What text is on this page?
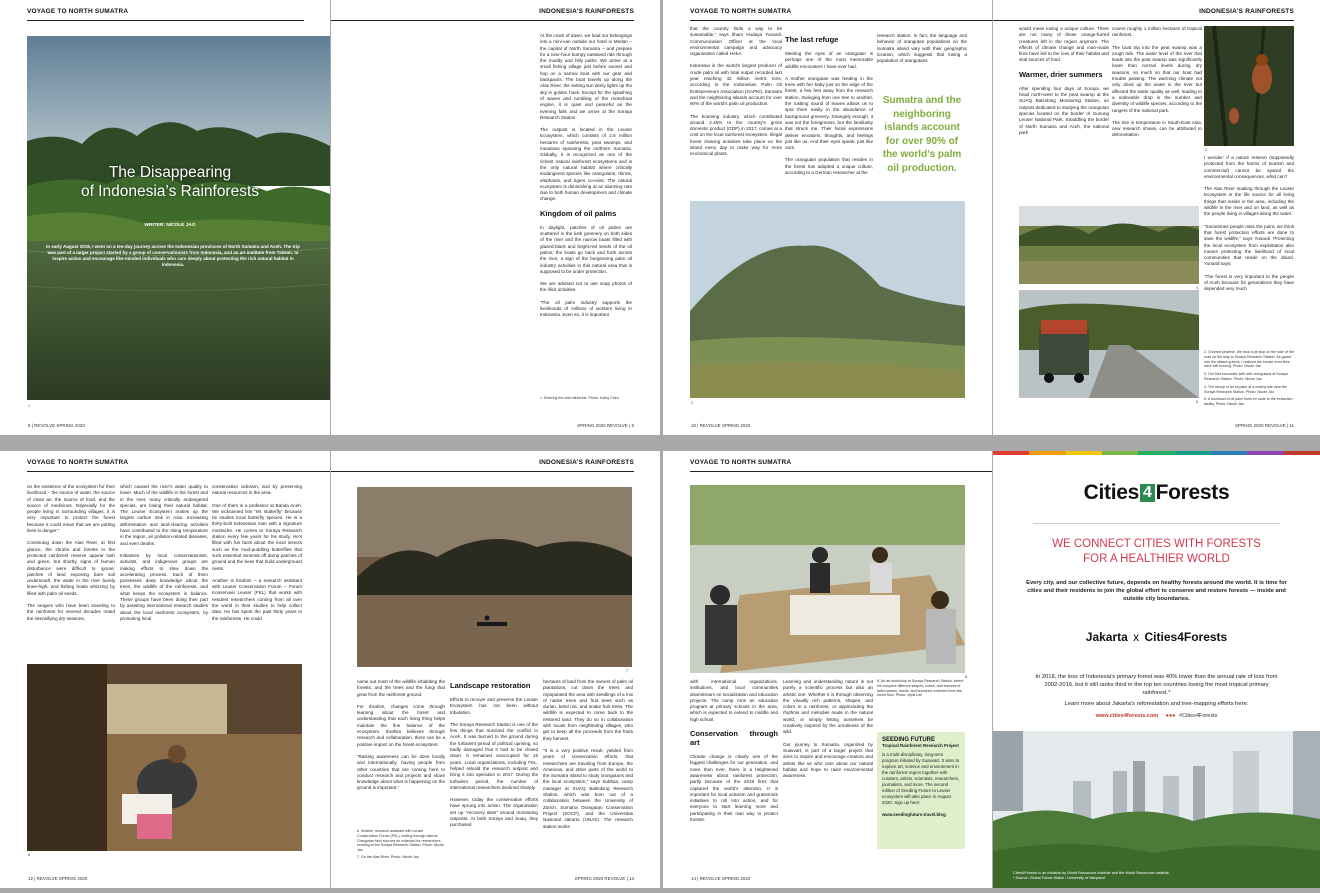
VOYAGE TO NORTH SUMATRA
The Disappearing
of Indonesia’s Rainforests
WRITER: NICOLE JAO
In early August 2019, I went on a ten-day journey across the Indonesian provinces of North Sumatra and Aceh. The trip was part of a larger project started by a group of conservationists from Indonesia, and an art institute from Taiwan, to inspire action and encourage like-minded individuals who care deeply about protecting the rich natural habitat in Indonesia.
1
8 | REVOLVE SPRING 2020
INDONESIA’S RAINFORESTS

At the crack of dawn, we load our belongings into a mini-van outside our hotel in Medan – the capital of North Sumatra – and prepare for a nine-hour bumpy eastward ride through the muddy and hilly paths. We arrive at a small fishing village just before sunset and hop on a narrow boat with our gear and backpacks. The boat travels up along the Alas River, the setting sun dimly lights up the sky in golden hues. Except for the splashing of waves and rumbling of the motorboat engine, it is quiet and peaceful as the evening falls and we arrive at the Soraya Research Station.

The outpost is located in the Leuser Ecosystem, which consists of 2.6 million hectares of rainforests, peat swamps, and meadows spanning the northern Sumatra. Globally, it is recognized as one of the richest natural rainforest ecosystems and is the only natural habitat where critically endangered species like orangutans, rhinos, elephants, and tigers co-exist. The natural ecosystem is diminishing at an alarming rate due to both human development and climate change.

Kingdom of oil palms

In daylight, patches of oil palms are scattered in the lush greenery on both sides of the river and the narrow boats filled with glazed-black and bright-red seeds of the oil palms; the boats go back and forth across the river, a sign of the burgeoning palm oil industry activities in this natural area that is supposed to be under protection.

We are advised not to use snap photos of the illicit activities.

“The oil palm industry supports the livelihoods of millions of workers living in Indonesia. Even so, it is important

1. Entering the wild rainforest. Photo: Kathy Chen
SPRING 2020 REVOLVE | 9
VOYAGE TO NORTH SUMATRA

that the country finds a way to be sustainable,” says Ilham Hudaya Yunardi, Communication Officer at the local environmental campaign and advocacy organization called HAkA.

Indonesia is the world’s largest producer of crude palm oil with total output recorded last year reaching 42 million metric tons, according to the Indonesian Palm Oil Entrepreneurs Association (GAPKI). Sumatra and the neighboring islands account for over 90% of the world’s palm oil production.

The booming industry, which contributed around 2.45% to the country’s gross domestic product (GDP) in 2017, comes at a cost on the local rainforest ecosystem. Illegal forest clearing activities take place on the island every day to make way for more economical plants.

The last refuge

Meeting the eyes of an orangutan is perhaps one of the most memorable wildlife encounters I have ever had.

A mother orangutan was feeding in the trees with her baby just on the edge of the forest, a few feet away from the research station. Swinging from one tree to another, the rustling sound of leaves allows us to spot them easily in the abundance of background greenery. Strangely enough, it was not the foreignness, but the familiarity that struck me. Their facial expressions deliver emotions, thoughts, and feelings just like us. And their eyes speak, just like ours.

The orangutan population that resides in the forest has adopted a unique culture, according to a German researcher at the

research station. In fact, the language and behavior of orangutan populations on the Sumatra island vary with their geographic location, which suggests that losing a population of orangutans

Sumatra and the neighboring islands account for over 90% of the world’s palm oil production.
2
10 | REVOLVE SPRING 2020
INDONESIA’S RAINFORESTS

would mean losing a unique culture. There are not many of these orange-furred creatures left in the region anymore. The effects of climate change and man-made fires have led to the loss of their habitat and vital sources of food.

Warmer, drier summers

After spending four days at Soraya, we head north-west to the peat swamp at the SUAQ Balimbing Monitoring Station, an outpost dedicated to studying the orangutan species located on the border of Gunung Leuser National Park. Straddling the border of North Sumatra and Aceh, the national park

covers roughly 1 million hectares of tropical rainforest.

The boat trip into the peat swamp was a rough ride. The water level of the river that leads into the peat swamp was significantly lower than normal levels during dry seasons, so much so that our boat had trouble passing. The warming climate not only dried up the water in the river but affected the water quality as well, leading to a noticeable drop in the number and diversity of wildlife species, according to the rangers of the national park.

The rise in temperature in South-East Asia, new research shows, can be attributed to deforestation.

3

I wonder: if a nature reserve (supposedly protected from the harms of tourism and commercial) cannot be spared the environmental consequences, what can?

The Alas River snaking through the Leuser Ecosystem is the life source for all living things that reside in the area, including the wildlife in the river and on land, as well as the people living in villages along the water.

“Sometimes people miss the point, we think that forest protection efforts are done to save the wildlife,” says Yunardi. Protecting the local ecosystem from exploitation also means protecting the livelihood of local communities that reside on the island. Yunardi says:

“The forest is very important to the people of Aceh because for generations they have depended very much

4
5
2. Charred peatline. We took a pit stop on the side of the road on the way to Soraya Research Station. As gazed into the distant greens, I realized the smoke from fires were still burning. Photo: Nicole Jao
3. Our first encounter with wild orangutans at Soraya Research Station. Photo: Nicole Jao
4. The stump of an oil palm at a nearby site near the Soraya Research Station. Photo: Nicole Jao
5. A truckload of oil palm fruits en route to the extraction facility. Photo: Nicole Jao
SPRING 2020 REVOLVE | 11
VOYAGE TO NORTH SUMATRA

on the existence of the ecosystem for their livelihood – the source of water, the source of clean air, the source of food, and the source of medicines. Especially for the people living in surrounding villages, it is very important to protect the forest because it could mean that we are putting lives in danger.”

Continuing down the Alas River, at first glance, the shrubs and forests in the protected rainforest reserve appear lush and green, but shortly, signs of human disturbance were difficult to ignore: patches of land exposing bare soil underneath, the water in the river barely knee-high, and fishing boats whizzing by filled with palm oil seeds.

The rangers who have been traveling to the rainforest for several decades noted the intensifying dry seasons,

which caused the river’s water quality to lower. Much of the wildlife in the forest and in the river, many critically endangered species, are losing their natural habitat. The Leuser Ecosystem makes up the largest carbon sink in Asia. Increasing deforestation and land-clearing activities have contributed to the rising temperature in the region, air pollution-related diseases, and even deaths.

Initiatives by local conservationists, activists, and indigenous groups are making efforts to slow down the accelerating process. Each of them possesses deep knowledge about the trees, the wildlife of the rainforests, and what keeps the ecosystem in balance. These groups have been doing their part by assisting international research studies about the local rainforest ecosystem, by promoting local

conservation activism, and by preserving natural resources in the area.

One of them is a professor at Banda Aceh. We nicknamed him “Mr. Butterfly” because he studies local butterfly species. He is a thirty-built Indonesian man with a signature mustache. He comes to Soraya Research station every few years for his study. He’s filled with fun facts about the local insects such as the mud-puddling butterflies that suck essential minerals off damp patches of ground and the bees that build underground nests.

Another is Ibrahim – a research assistant with Leuser Conservation Forum – Forum Konservasi Leuser (FKL) that works with resident researchers coming from all over the world in their studies to help collect data. He has spent the past thirty years in the rainforests. He could

6
12 | REVOLVE SPRING 2020
INDONESIA’S RAINFORESTS
7

name out most of the wildlife inhabiting the forests, and the trees and the fungi that grow from the rainforest ground.

For Ibrahim, changes come through learning about the forest and understanding that each living thing helps maintain the fine balance of the ecosystem. Ibrahim believes through research and collaboration, there can be a positive impact on the forest ecosystem:

“Raising awareness can be done locally and internationally, having people from other countries that are coming here to conduct research and projects and share knowledge about what is happening on the ground is important.”

6. Ibrahim, research assistant with Leuser Conservation Forum (FKL), sorting through data at Orangutan field sources he collected for researchers residing at the Soraya Research Station. Photo: Nicole Jao
7. On the Alas River. Photo: Nicole Jao
Landscape restoration

Efforts to recover and preserve the Leuser Ecosystem has not been without tribulation.

The Soraya Research Station is one of the few things that survived the conflict in Aceh. It was burned to the ground during the turbulent period of political uprising, so badly damaged that it had to be closed down. It remained unoccupied for 15 years. Local organizations, including FKL, helped rebuild the research outpost and bring it into operation in 2017. During the turbulent period, the number of international researchers declined sharply.

However, today the conservation efforts have sprung into action. The organization set up “recovery sites” around monitoring outposts. At both Soraya and Suaq, they purchased

hectares of land from the owners of palm oil plantations, cut down the trees, and repopulated the area with seedlings of a mix of native trees and fruit trees such as durian, betel nut, and snake fruit trees. The wildlife is expected to come back to the restored land. They do so in collaboration with locals from neighboring villages, who get to keep all the proceeds from the fruits they harvest.

“It is a very positive result, yielded from years of conservation efforts, that researchers are traveling from Europe, the Americas, and other parts of the world to the Sumatra island to study orangutans and the local ecosystem,” says Subhan, camp manager at SUAQ Balimbing Research Station, which was born out of a collaboration between the University of Zürich, Sumatra Orangutan Conservation Project (SOCP), and the Universitas Nasional Jakarta (UNAS). The research station works

SPRING 2020 REVOLVE | 13
VOYAGE TO NORTH SUMATRA
8

with international organizations, institutions, and local communities downstream on socialization and education projects. The camp runs an education program at primary schools in the area, which is expected to extend to middle and high school.

Conservation through art

Climate change is clearly one of the biggest challenges for our generation, and more than ever, there is a heightened awareness about rainforest protection, partly because of the 2019 fires that captured the world’s attention. It is important for local activism and grassroots initiatives to roll into action, and for everyone to start learning more and participating in their own way to protect forests.

Learning and understanding nature is not purely a scientific process but also an artistic one. Whether it is through observing the visually rich patterns, shapes, and colors in a rainforest, or appreciating the rhythms and melodies made in the natural world, or simply letting ourselves be creatively inspired by the unruliness of the wild.

Our journey to Sumatra, organized by Suavvart, is part of a larger project that aims to inspire and encourage creators and artists like us who care about our natural habitat and hope to raise environmental awareness.

8. An art workshop at Soraya Research Station, where we compare different shapes, colors, and textures of fallen leaves, seeds, and branches collected from the forest floor. Photo: Vipat Lee
SEEDING FUTURE
Tropical Rainforest Research Project
is a multi-disciplinary, long-term program initiated by Suavvart. It aims to explore art, science and environment in the rainforest region together with curators, artists, scientists, researchers, journalists, and more. The second edition of Seeding Future to Leuser ecosystem will take place in August 2020. Sign up here:
www.seedingfuture.travel.blog
14 | REVOLVE SPRING 2020
Cities 4 Forests
WE CONNECT CITIES WITH FORESTS
FOR A HEALTHIER WORLD
Every city, and our collective future, depends on healthy forests around the world. It is time for cities and their residents to join the global effort to conserve and restore forests — inside and outside city boundaries.
Jakarta x Cities4Forests
In 2018, the loss of Indonesia’s primary forest was 40% lower than the annual rate of loss from 2002-2016, but it still ranks third in the top ten countries losing the most tropical primary rainforest.*
Learn more about Jakarta’s reforestation and tree-mapping efforts here:
www.cities4forests.com ●●● #Cities4Forests
Cities4Forests is an initiative by World Resources Institute and the World Resources Institute.
* Source: Global Forest Watch / University of Maryland
